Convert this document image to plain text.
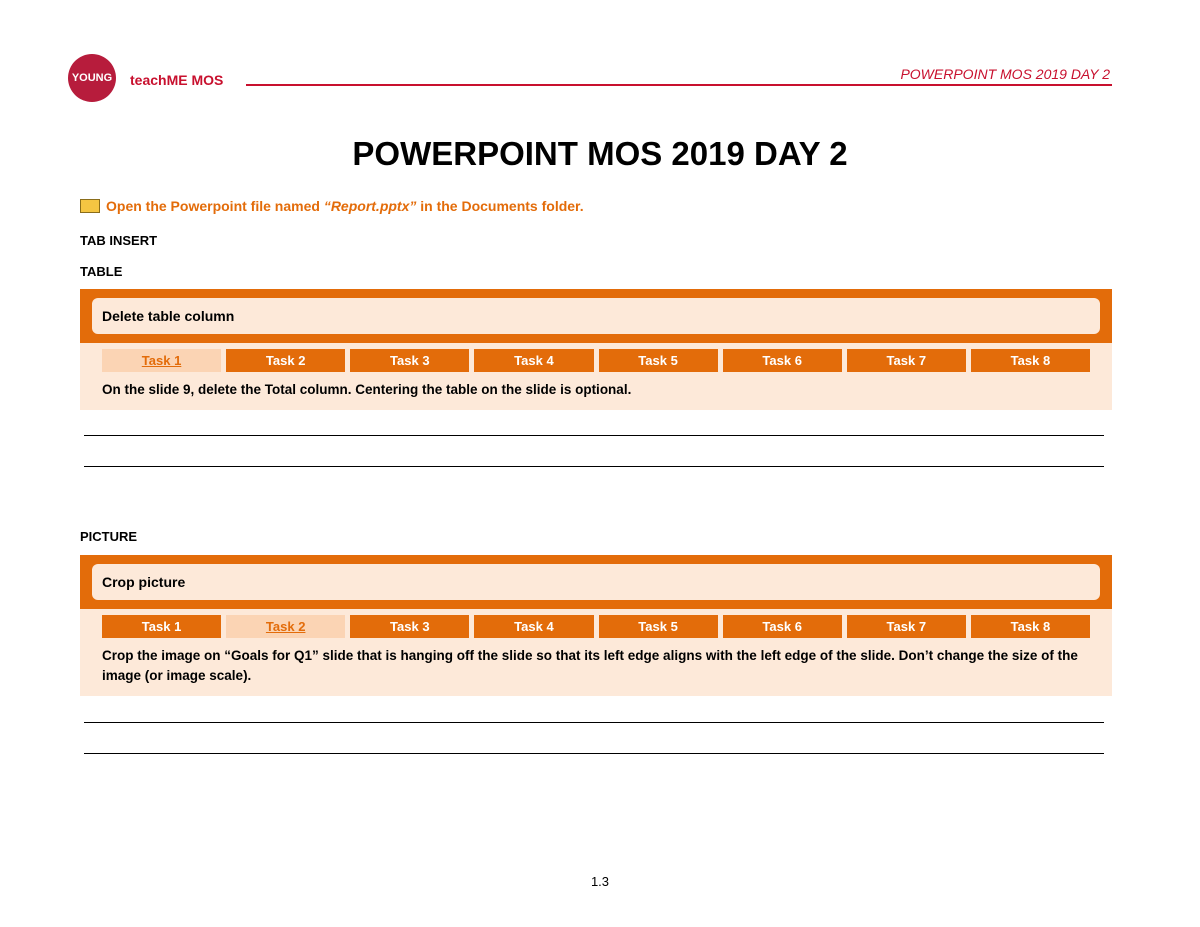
YOUNG teachME MOS	POWERPOINT MOS 2019 DAY 2
POWERPOINT MOS 2019 DAY 2
Open the Powerpoint file named “Report.pptx” in the Documents folder.
TAB INSERT
TABLE
Delete table column
Task 1	Task 2	Task 3	Task 4	Task 5	Task 6	Task 7	Task 8
On the slide 9, delete the Total column. Centering the table on the slide is optional.
PICTURE
Crop picture
Task 1	Task 2	Task 3	Task 4	Task 5	Task 6	Task 7	Task 8
Crop the image on “Goals for Q1” slide that is hanging off the slide so that its left edge aligns with the left edge of the slide. Don’t change the size of the image (or image scale).
1.3
